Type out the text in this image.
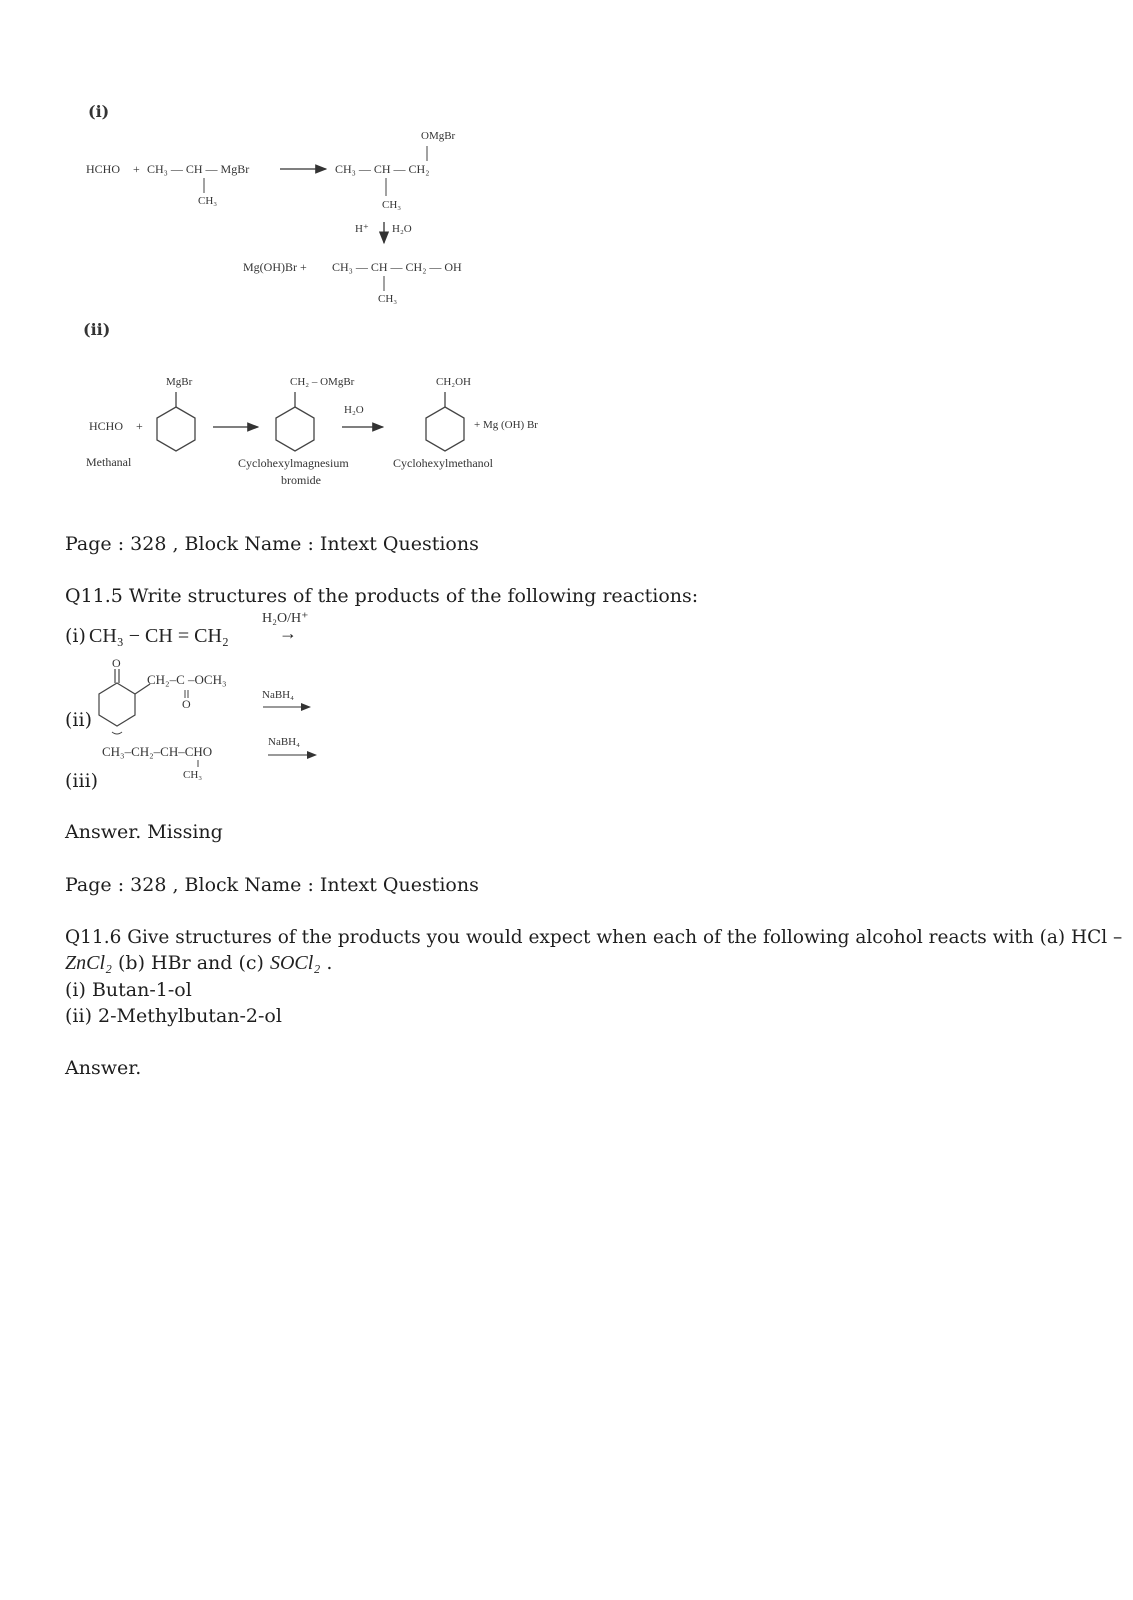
(i)
HCHO + CH₃ — CH — MgBr
CH₃
OMgBr
CH₃ — CH — CH₂
CH₃
H⁺ H₂O
Mg(OH)Br + CH₃ — CH — CH₂ — OH
CH₃
(ii)
HCHO +
Methanal
MgBr	CH₂ – OMgBr
H₂O
CH₂OH
+ Mg (OH) Br
Cyclohexylmagnesium
bromide
Cyclohexylmethanol
Page : 328 , Block Name : Intext Questions
Q11.5 Write structures of the products of the following reactions:
(i) CH₃ − CH = CH₂
H₂O/H⁺
→
O
CH₂–C –OCH₃
O
NaBH₄
(ii)
CH₃–CH₂–CH–CHO
NaBH₄
CH₃
(iii)
Answer. Missing
Page : 328 , Block Name : Intext Questions
Q11.6 Give structures of the products you would expect when each of the following alcohol reacts with (a) HCl –
ZnCl₂ (b) HBr and (c) SOCl₂ .
(i) Butan-1-ol
(ii) 2-Methylbutan-2-ol
Answer.
